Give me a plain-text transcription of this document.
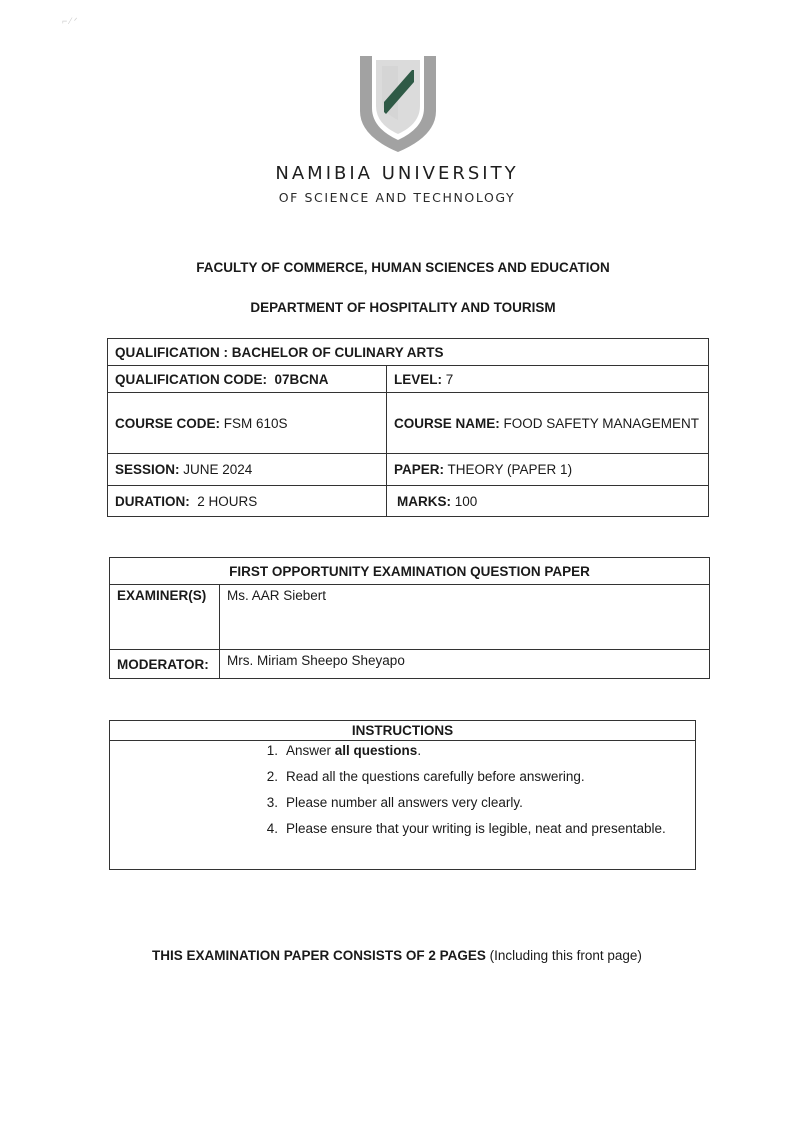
⌐ ⁄ ᐟ
NAMIBIA UNIVERSITY
OF SCIENCE AND TECHNOLOGY
FACULTY OF COMMERCE, HUMAN SCIENCES AND EDUCATION
DEPARTMENT OF HOSPITALITY AND TOURISM
QUALIFICATION : BACHELOR OF CULINARY ARTS	
QUALIFICATION CODE: 07BCNA	LEVEL: 7
COURSE CODE: FSM 610S	COURSE NAME: FOOD SAFETY MANAGEMENT
SESSION: JUNE 2024	PAPER: THEORY (PAPER 1)
DURATION: 2 HOURS	MARKS: 100
FIRST OPPORTUNITY EXAMINATION QUESTION PAPER	
EXAMINER(S)	Ms. AAR Siebert
MODERATOR:	Mrs. Miriam Sheepo Sheyapo
INSTRUCTIONS
1. Answer all questions.
2. Read all the questions carefully before answering.
3. Please number all answers very clearly.
4. Please ensure that your writing is legible, neat and presentable.
THIS EXAMINATION PAPER CONSISTS OF 2 PAGES (Including this front page)
